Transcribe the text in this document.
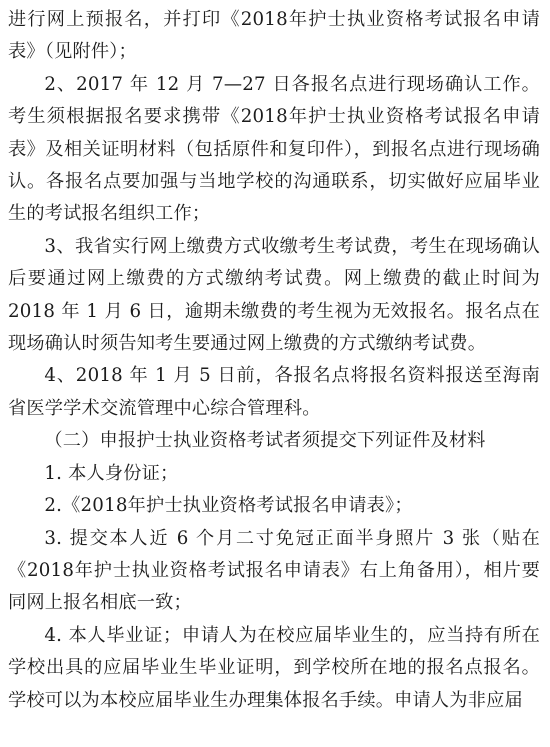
进行网上预报名，并打印《2018年护士执业资格考试报名申请表》（见附件）；

2、2017 年 12 月 7—27 日各报名点进行现场确认工作。考生须根据报名要求携带《2018年护士执业资格考试报名申请表》及相关证明材料（包括原件和复印件），到报名点进行现场确认。各报名点要加强与当地学校的沟通联系，切实做好应届毕业生的考试报名组织工作；

3、我省实行网上缴费方式收缴考生考试费，考生在现场确认后要通过网上缴费的方式缴纳考试费。网上缴费的截止时间为 2018 年 1 月 6 日，逾期未缴费的考生视为无效报名。报名点在现场确认时须告知考生要通过网上缴费的方式缴纳考试费。

4、2018 年 1 月 5 日前，各报名点将报名资料报送至海南省医学学术交流管理中心综合管理科。

（二）申报护士执业资格考试者须提交下列证件及材料

1. 本人身份证；

2.《2018年护士执业资格考试报名申请表》；

3. 提交本人近 6 个月二寸免冠正面半身照片 3 张（贴在《2018年护士执业资格考试报名申请表》右上角备用），相片要同网上报名相底一致；

4. 本人毕业证；申请人为在校应届毕业生的，应当持有所在学校出具的应届毕业生毕业证明，到学校所在地的报名点报名。学校可以为本校应届毕业生办理集体报名手续。申请人为非应届
